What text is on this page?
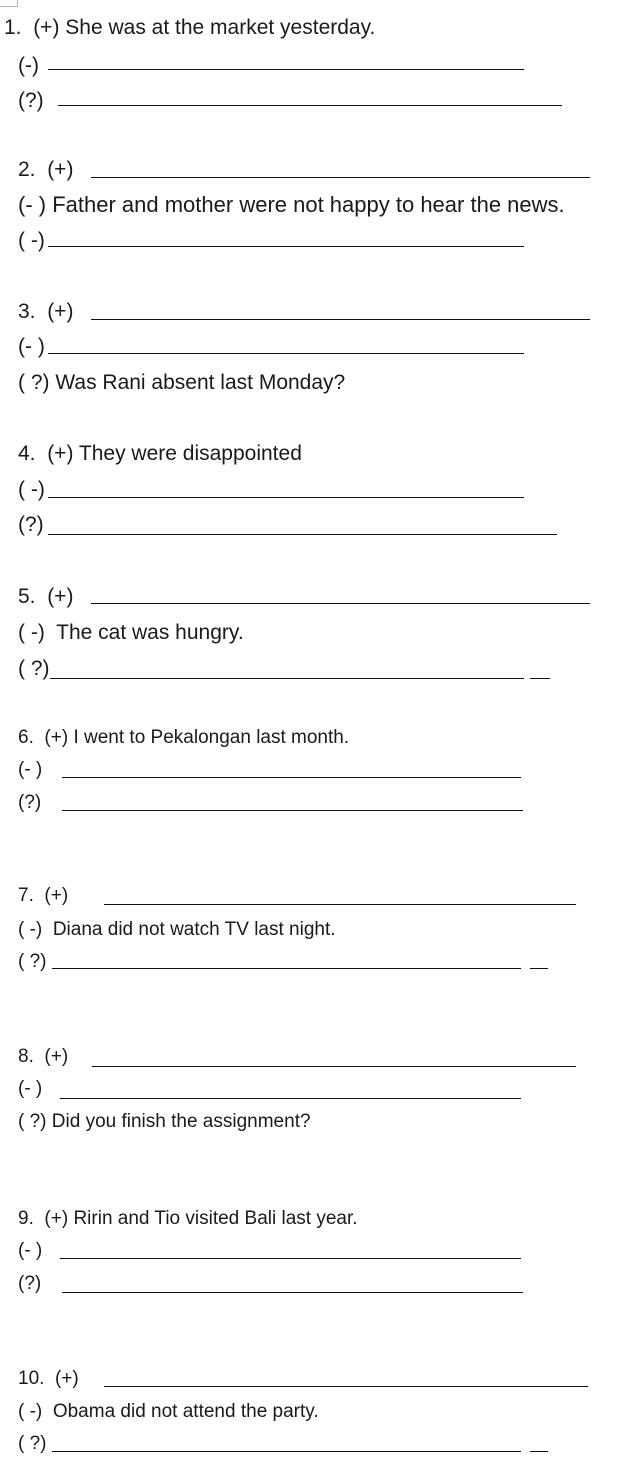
1. (+) She was at the market yesterday.
(-)
(?)
2. (+)
(- ) Father and mother were not happy to hear the news.
( -)
3. (+)
(- )
( ?) Was Rani absent last Monday?
4. (+) They were disappointed
( -)
(?)
5. (+)
( -) The cat was hungry.
( ?)
6. (+) I went to Pekalongan last month.
(- )
(?)
7. (+)
( -) Diana did not watch TV last night.
( ?)
8. (+)
(- )
( ?) Did you finish the assignment?
9. (+) Ririn and Tio visited Bali last year.
(- )
(?)
10. (+)
( -) Obama did not attend the party.
( ?)
